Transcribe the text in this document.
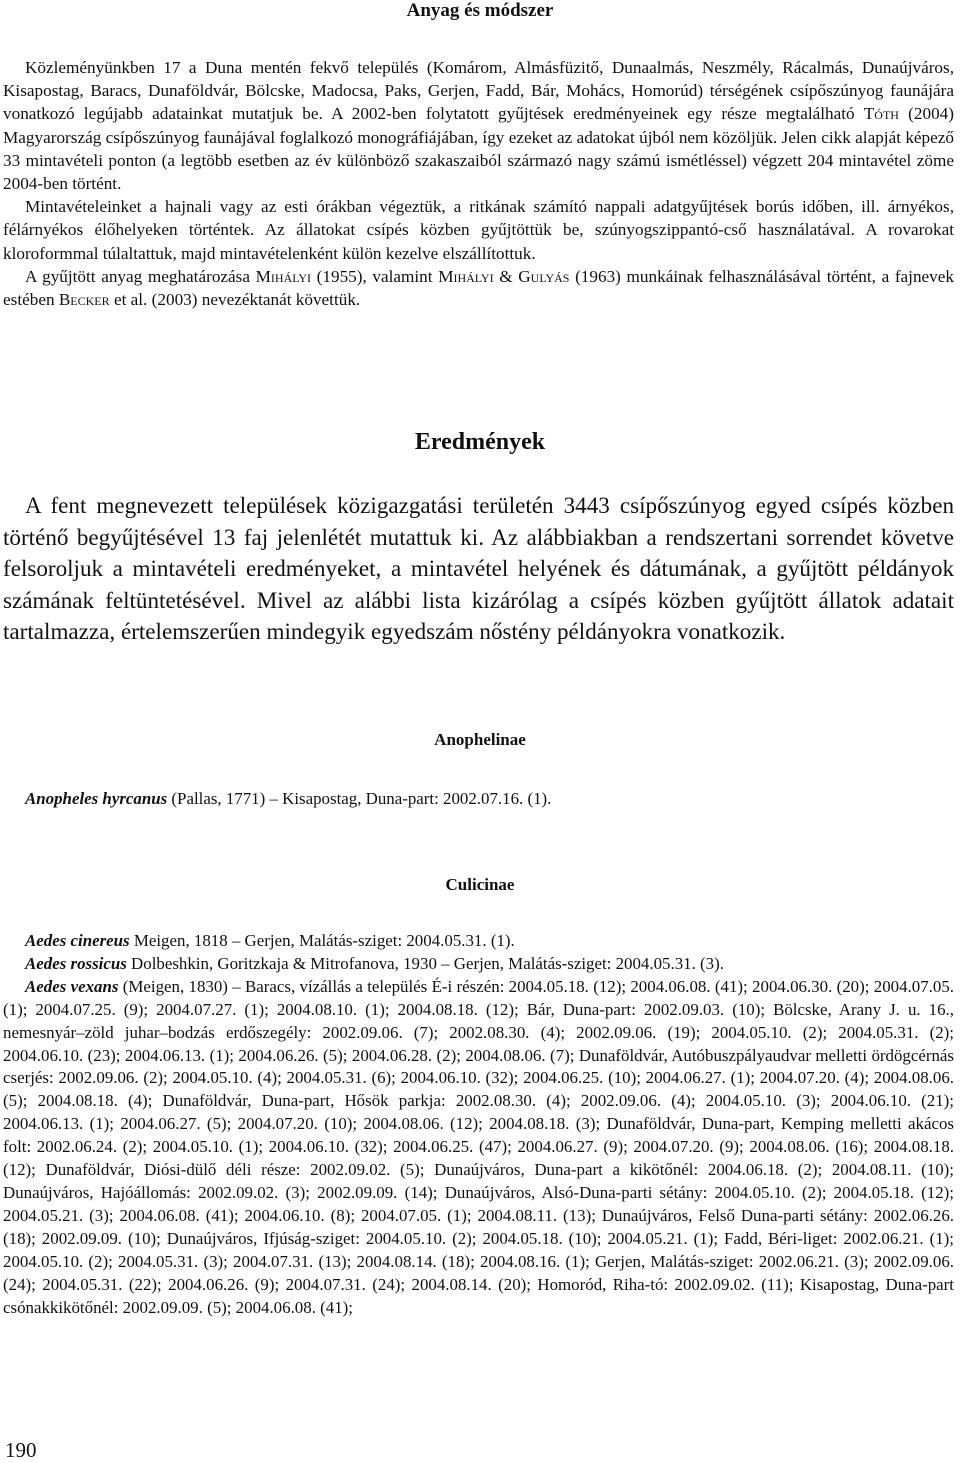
Anyag és módszer

Közleményünkben 17 a Duna mentén fekvő település (Komárom, Almásfüzitő, Dunaalmás, Neszmély, Rácalmás, Dunaújváros, Kisapostag, Baracs, Dunaföldvár, Bölcske, Madocsa, Paks, Gerjen, Fadd, Bár, Mohács, Homorúd) térségének csípőszúnyog faunájára vonatkozó legújabb adatainkat mutatjuk be. A 2002-ben folytatott gyűjtések eredményeinek egy része megtalálható Tóth (2004) Magyarország csípőszúnyog faunájával foglalkozó monográfiájában, így ezeket az adatokat újból nem közöljük. Jelen cikk alapját képező 33 mintavételi ponton (a legtöbb esetben az év különböző szakaszaiból származó nagy számú ismétléssel) végzett 204 mintavétel zöme 2004-ben történt.

Mintavételeinket a hajnali vagy az esti órákban végeztük, a ritkának számító nappali adatgyűjtések borús időben, ill. árnyékos, félárnyékos élőhelyeken történtek. Az állatokat csípés közben gyűjtöttük be, szúnyogszippantó-cső használatával. A rovarokat kloroformmal túlaltattuk, majd mintavételenként külön kezelve elszállítottuk.

A gyűjtött anyag meghatározása Mihályi (1955), valamint Mihályi & Gulyás (1963) munkáinak felhasználásával történt, a fajnevek estében Becker et al. (2003) nevezéktanát követtük.

Eredmények

A fent megnevezett települések közigazgatási területén 3443 csípőszúnyog egyed csípés közben történő begyűjtésével 13 faj jelenlétét mutattuk ki. Az alábbiakban a rendszertani sorrendet követve felsoroljuk a mintavételi eredményeket, a mintavétel helyének és dátumának, a gyűjtött példányok számának feltüntetésével. Mivel az alábbi lista kizárólag a csípés közben gyűjtött állatok adatait tartalmazza, értelemszerűen mindegyik egyedszám nőstény példányokra vonatkozik.

Anophelinae

Anopheles hyrcanus (Pallas, 1771) – Kisapostag, Duna-part: 2002.07.16. (1).

Culicinae

Aedes cinereus Meigen, 1818 – Gerjen, Malátás-sziget: 2004.05.31. (1).

Aedes rossicus Dolbeshkin, Goritzkaja & Mitrofanova, 1930 – Gerjen, Malátás-sziget: 2004.05.31. (3).

Aedes vexans (Meigen, 1830) – Baracs, vízállás a település É-i részén: 2004.05.18. (12); 2004.06.08. (41); 2004.06.30. (20); 2004.07.05. (1); 2004.07.25. (9); 2004.07.27. (1); 2004.08.10. (1); 2004.08.18. (12); Bár, Duna-part: 2002.09.03. (10); Bölcske, Arany J. u. 16., nemesnyár–zöld juhar–bodzás erdőszegély: 2002.09.06. (7); 2002.08.30. (4); 2002.09.06. (19); 2004.05.10. (2); 2004.05.31. (2); 2004.06.10. (23); 2004.06.13. (1); 2004.06.26. (5); 2004.06.28. (2); 2004.08.06. (7); Dunaföldvár, Autóbuszpályaudvar melletti ördögcérnás cserjés: 2002.09.06. (2); 2004.05.10. (4); 2004.05.31. (6); 2004.06.10. (32); 2004.06.25. (10); 2004.06.27. (1); 2004.07.20. (4); 2004.08.06. (5); 2004.08.18. (4); Dunaföldvár, Duna-part, Hősök parkja: 2002.08.30. (4); 2002.09.06. (4); 2004.05.10. (3); 2004.06.10. (21); 2004.06.13. (1); 2004.06.27. (5); 2004.07.20. (10); 2004.08.06. (12); 2004.08.18. (3); Dunaföldvár, Duna-part, Kemping melletti akácos folt: 2002.06.24. (2); 2004.05.10. (1); 2004.06.10. (32); 2004.06.25. (47); 2004.06.27. (9); 2004.07.20. (9); 2004.08.06. (16); 2004.08.18. (12); Dunaföldvár, Diósi-dülő déli része: 2002.09.02. (5); Dunaújváros, Duna-part a kikötőnél: 2004.06.18. (2); 2004.08.11. (10); Dunaújváros, Hajóállomás: 2002.09.02. (3); 2002.09.09. (14); Dunaújváros, Alsó-Duna-parti sétány: 2004.05.10. (2); 2004.05.18. (12); 2004.05.21. (3); 2004.06.08. (41); 2004.06.10. (8); 2004.07.05. (1); 2004.08.11. (13); Dunaújváros, Felső Duna-parti sétány: 2002.06.26. (18); 2002.09.09. (10); Dunaújváros, Ifjúság-sziget: 2004.05.10. (2); 2004.05.18. (10); 2004.05.21. (1); Fadd, Béri-liget: 2002.06.21. (1); 2004.05.10. (2); 2004.05.31. (3); 2004.07.31. (13); 2004.08.14. (18); 2004.08.16. (1); Gerjen, Malátás-sziget: 2002.06.21. (3); 2002.09.06. (24); 2004.05.31. (22); 2004.06.26. (9); 2004.07.31. (24); 2004.08.14. (20); Homoród, Riha-tó: 2002.09.02. (11); Kisapostag, Duna-part csónakkikötőnél: 2002.09.09. (5); 2004.06.08. (41);

190
